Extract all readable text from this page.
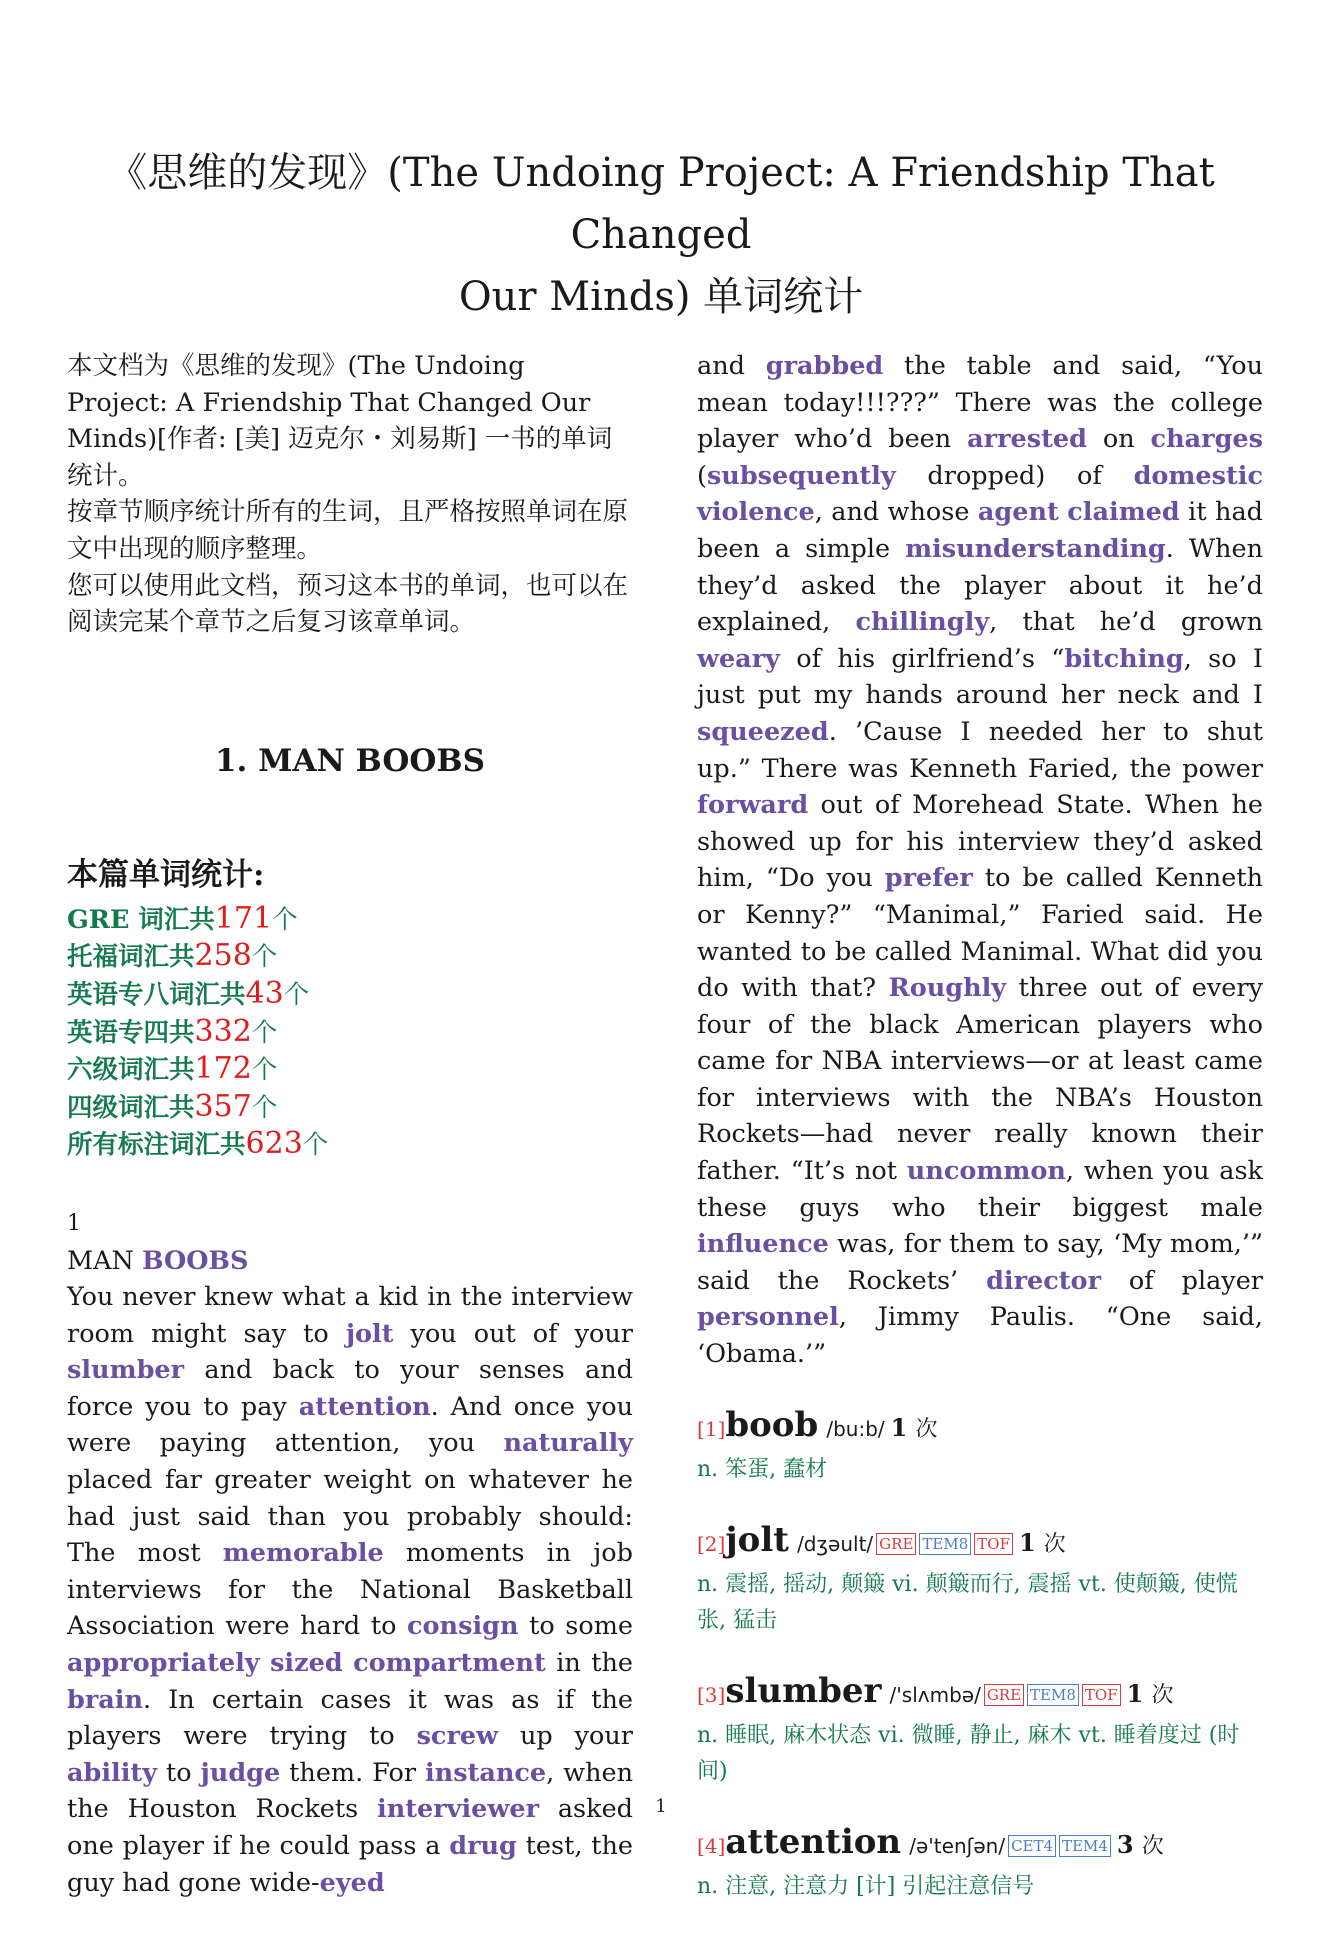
《思维的发现》(The Undoing Project: A Friendship That Changed
Our Minds) 单词统计

本文档为《思维的发现》(The Undoing Project: A Friendship That Changed Our Minds)[作者: [美] 迈克尔・刘易斯] 一书的单词统计。

按章节顺序统计所有的生词，且严格按照单词在原文中出现的顺序整理。

您可以使用此文档，预习这本书的单词，也可以在阅读完某个章节之后复习该章单词。

1. MAN BOOBS
本篇单词统计:
GRE 词汇共171个
托福词汇共258个
英语专八词汇共43个
英语专四共332个
六级词汇共172个
四级词汇共357个
所有标注词汇共623个
1
MAN BOOBS
You never knew what a kid in the interview room might say to jolt you out of your slumber and back to your senses and force you to pay attention. And once you were paying attention, you naturally placed far greater weight on whatever he had just said than you probably should: The most memorable moments in job interviews for the National Basketball Association were hard to consign to some appropriately sized compartment in the brain. In certain cases it was as if the players were trying to screw up your ability to judge them. For instance, when the Houston Rockets interviewer asked one player if he could pass a drug test, the guy had gone wide-eyed
and grabbed the table and said, “You mean today!!!???” There was the college player who’d been arrested on charges (subsequently dropped) of domestic violence, and whose agent claimed it had been a simple misunderstanding. When they’d asked the player about it he’d explained, chillingly, that he’d grown weary of his girlfriend’s “bitching, so I just put my hands around her neck and I squeezed. ’Cause I needed her to shut up.” There was Kenneth Faried, the power forward out of Morehead State. When he showed up for his interview they’d asked him, “Do you prefer to be called Kenneth or Kenny?” “Manimal,” Faried said. He wanted to be called Manimal. What did you do with that? Roughly three out of every four of the black American players who came for NBA interviews—or at least came for interviews with the NBA’s Houston Rockets—had never really known their father. “It’s not uncommon, when you ask these guys who their biggest male influence was, for them to say, ‘My mom,’” said the Rockets’ director of player personnel, Jimmy Paulis. “One said, ‘Obama.’”
[1]boob /bu:b/ 1 次
n. 笨蛋, 蠢材
[2]jolt /dʒəult/ GRE TEM8 TOF 1 次
n. 震摇, 摇动, 颠簸 vi. 颠簸而行, 震摇 vt. 使颠簸, 使慌张, 猛击
[3]slumber /'slʌmbə/ GRE TEM8 TOF 1 次
n. 睡眠, 麻木状态 vi. 微睡, 静止, 麻木 vt. 睡着度过 (时间)
[4]attention /ə'tenʃən/ CET4 TEM4 3 次
n. 注意, 注意力 [计] 引起注意信号
1
